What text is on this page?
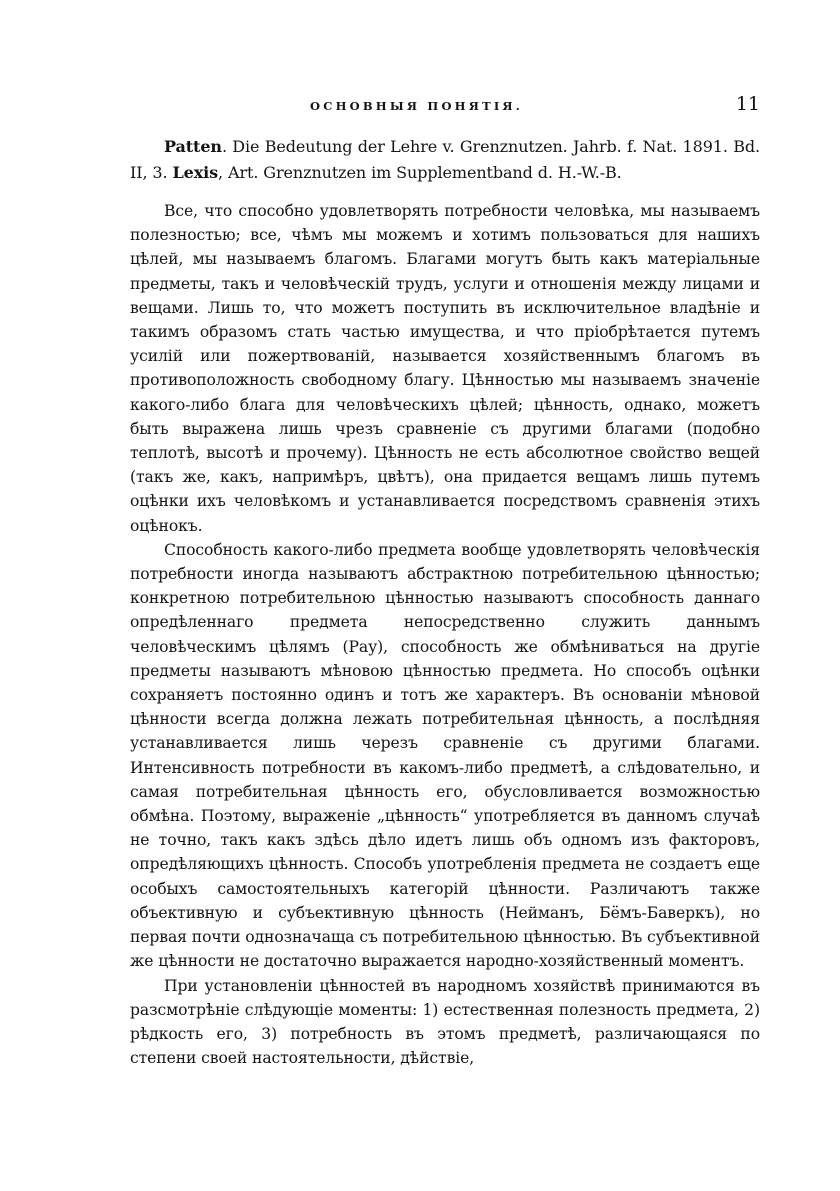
ОСНОВНЫЯ ПОНЯТІЯ.	11

Patten. Die Bedeutung der Lehre v. Grenznutzen. Jahrb. f. Nat. 1891. Bd. II, 3. Lexis, Art. Grenznutzen im Supplementband d. H.-W.-B.

Все, что способно удовлетворять потребности человѣка, мы называемъ полезностью; все, чѣмъ мы можемъ и хотимъ пользоваться для нашихъ цѣлей, мы называемъ благомъ. Благами могутъ быть какъ матеріальные предметы, такъ и человѣческій трудъ, услуги и отношенія между лицами и вещами. Лишь то, что можетъ поступить въ исключительное владѣніе и такимъ образомъ стать частью имущества, и что пріобрѣтается путемъ усилій или пожертвованій, называется хозяйственнымъ благомъ въ противоположность свободному благу. Цѣнностью мы называемъ значеніе какого-либо блага для человѣческихъ цѣлей; цѣнность, однако, можетъ быть выражена лишь чрезъ сравненіе съ другими благами (подобно теплотѣ, высотѣ и прочему). Цѣнность не есть абсолютное свойство вещей (такъ же, какъ, напримѣръ, цвѣтъ), она придается вещамъ лишь путемъ оцѣнки ихъ человѣкомъ и устанавливается посредствомъ сравненія этихъ оцѣнокъ.

Способность какого-либо предмета вообще удовлетворять человѣческія потребности иногда называютъ абстрактною потребительною цѣнностью; конкретною потребительною цѣнностью называютъ способность даннаго опредѣленнаго предмета непосредственно служить даннымъ человѣческимъ цѣлямъ (Рау), способность же обмѣниваться на другіе предметы называютъ мѣновою цѣнностью предмета. Но способъ оцѣнки сохраняетъ постоянно одинъ и тотъ же характеръ. Въ основаніи мѣновой цѣнности всегда должна лежать потребительная цѣнность, а послѣдняя устанавливается лишь черезъ сравненіе съ другими благами. Интенсивность потребности въ какомъ-либо предметѣ, а слѣдовательно, и самая потребительная цѣнность его, обусловливается возможностью обмѣна. Поэтому, выраженіе „цѣнность“ употребляется въ данномъ случаѣ не точно, такъ какъ здѣсь дѣло идетъ лишь объ одномъ изъ факторовъ, опредѣляющихъ цѣнность. Способъ употребленія предмета не создаетъ еще особыхъ самостоятельныхъ категорій цѣнности. Различаютъ также объективную и субъективную цѣнность (Нейманъ, Бёмъ-Баверкъ), но первая почти однозначаща съ потребительною цѣнностью. Въ субъективной же цѣнности не достаточно выражается народно-хозяйственный моментъ.

При установленіи цѣнностей въ народномъ хозяйствѣ принимаются въ разсмотрѣніе слѣдующіе моменты: 1) естественная полезность предмета, 2) рѣдкость его, 3) потребность въ этомъ предметѣ, различающаяся по степени своей настоятельности, дѣйствіе,
